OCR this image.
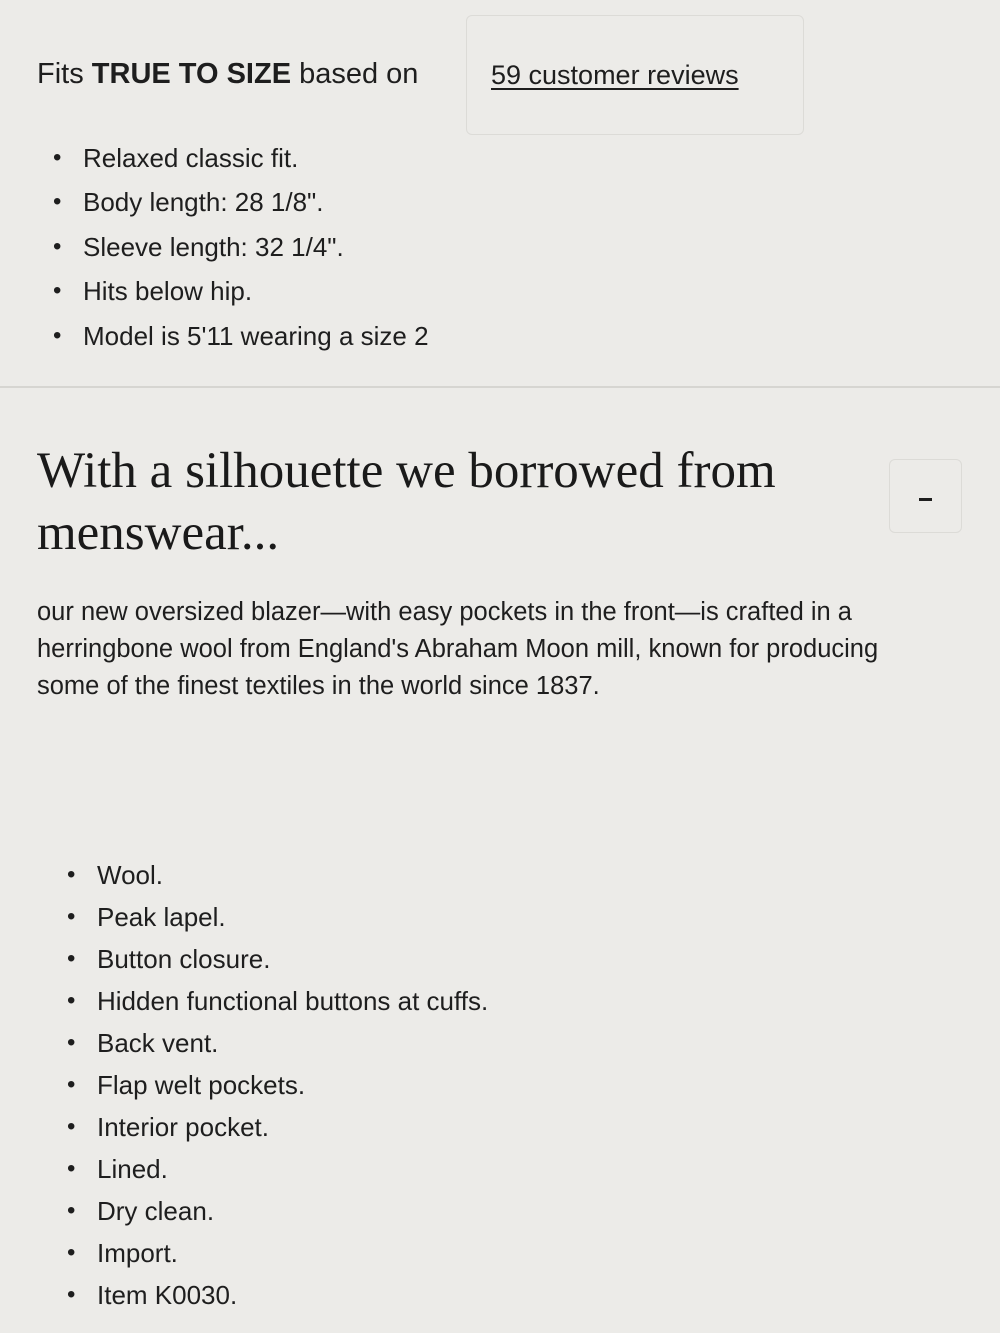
Fits TRUE TO SIZE based on	59 customer reviews
• Relaxed classic fit.
• Body length: 28 1/8".
• Sleeve length: 32 1/4".
• Hits below hip.
• Model is 5'11 wearing a size 2
With a silhouette we borrowed from menswear...

our new oversized blazer—with easy pockets in the front—is crafted in a herringbone wool from England's Abraham Moon mill, known for producing some of the finest textiles in the world since 1837.

• Wool.
• Peak lapel.
• Button closure.
• Hidden functional buttons at cuffs.
• Back vent.
• Flap welt pockets.
• Interior pocket.
• Lined.
• Dry clean.
• Import.
• Item K0030.
